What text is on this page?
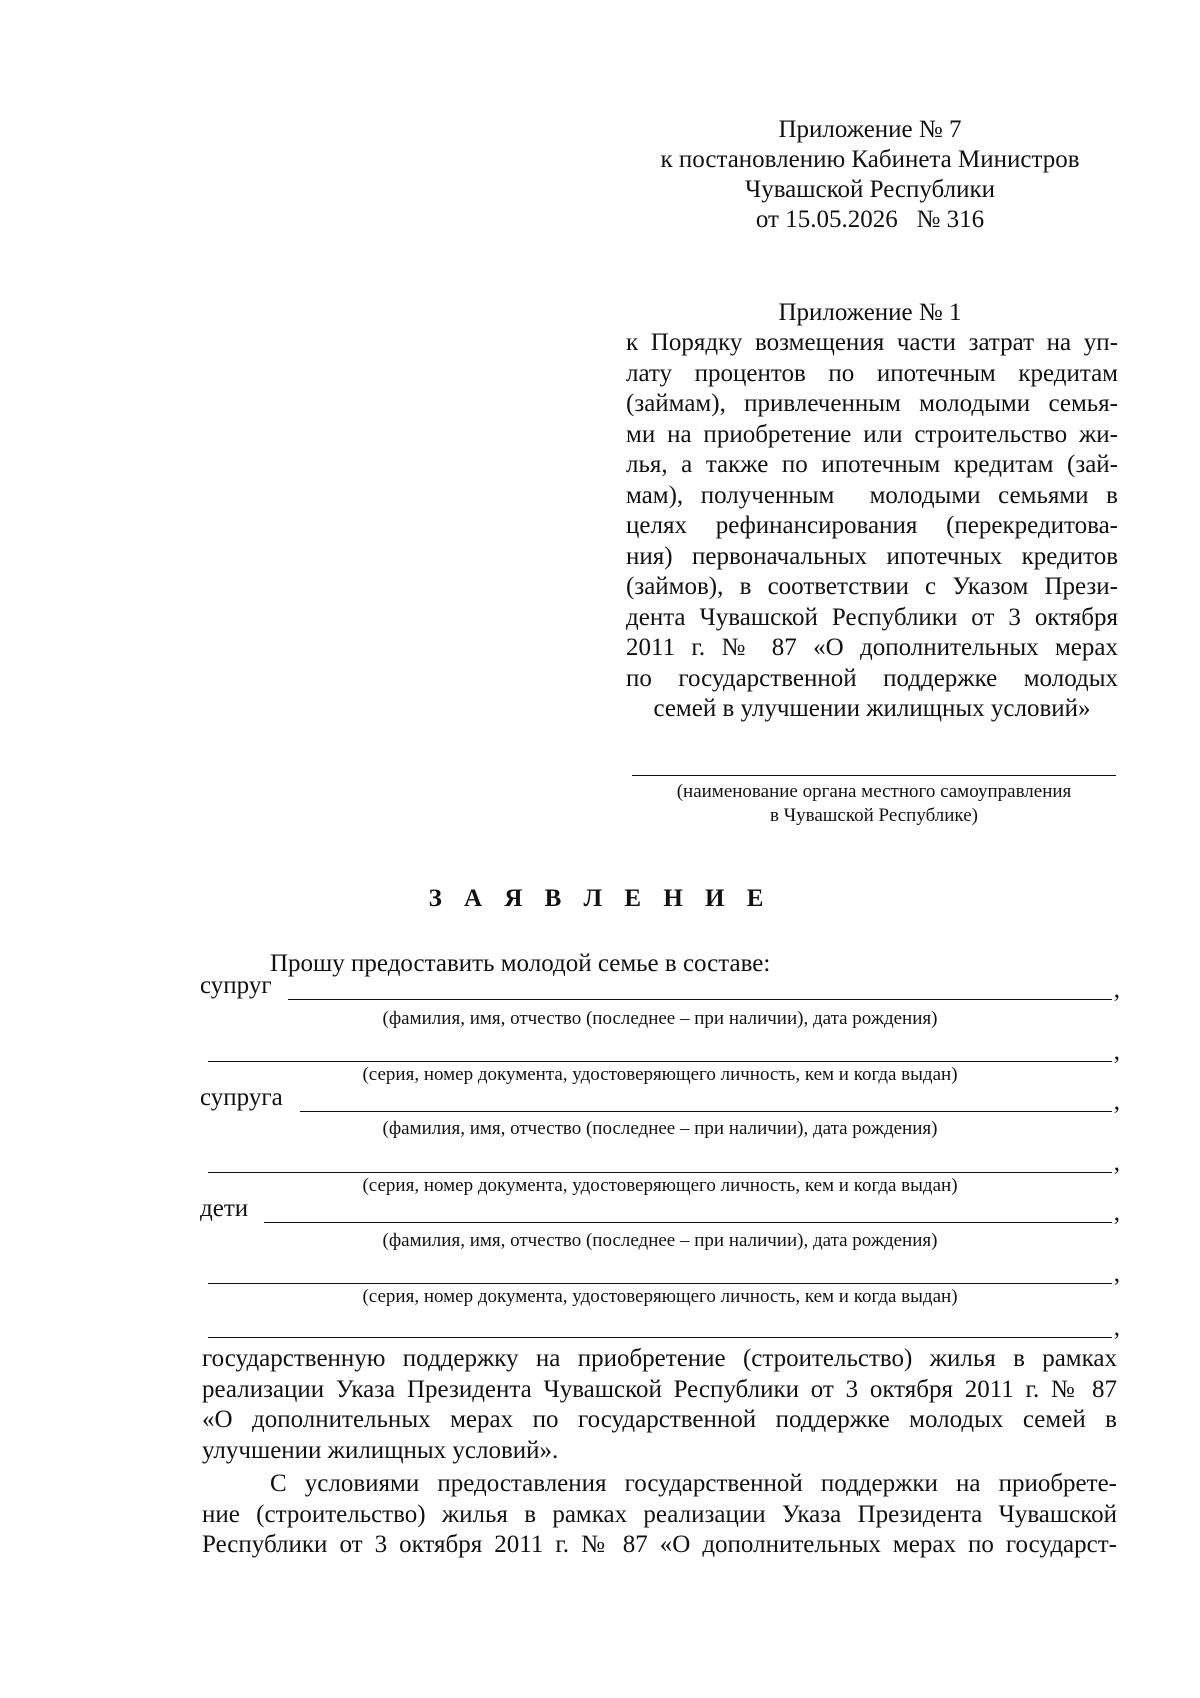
Приложение № 7
к постановлению Кабинета Министров
Чувашской Республики
от 15.05.2026   № 316
Приложение № 1
к Порядку возмещения части затрат на уп-
лату процентов по ипотечным кредитам
(займам), привлеченным молодыми семья-
ми на приобретение или строительство жи-
лья, а также по ипотечным кредитам (зай-
мам), полученным  молодыми семьями в
целях рефинансирования (перекредитова-
ния) первоначальных ипотечных кредитов
(займов), в соответствии с Указом Прези-
дента Чувашской Республики от 3 октября
2011 г. № 87 «О дополнительных мерах
по государственной поддержке молодых
семей в улучшении жилищных условий»
(наименование органа местного самоуправления
в Чувашской Республике)
З А Я В Л Е Н И Е
Прошу предоставить молодой семье в составе:
супруг	,
(фамилия, имя, отчество (последнее – при наличии), дата рождения)
,
(серия, номер документа, удостоверяющего личность, кем и когда выдан)
супруга	,
(фамилия, имя, отчество (последнее – при наличии), дата рождения)
,
(серия, номер документа, удостоверяющего личность, кем и когда выдан)
дети	,
(фамилия, имя, отчество (последнее – при наличии), дата рождения)
,
(серия, номер документа, удостоверяющего личность, кем и когда выдан)
,
государственную поддержку на приобретение (строительство) жилья в рамках
реализации Указа Президента Чувашской Республики от 3 октября 2011 г. № 87
«О дополнительных мерах по государственной поддержке молодых семей в
улучшении жилищных условий».
С условиями предоставления государственной поддержки на приобрете-
ние (строительство) жилья в рамках реализации Указа Президента Чувашской
Республики от 3 октября 2011 г. № 87 «О дополнительных мерах по государст-
